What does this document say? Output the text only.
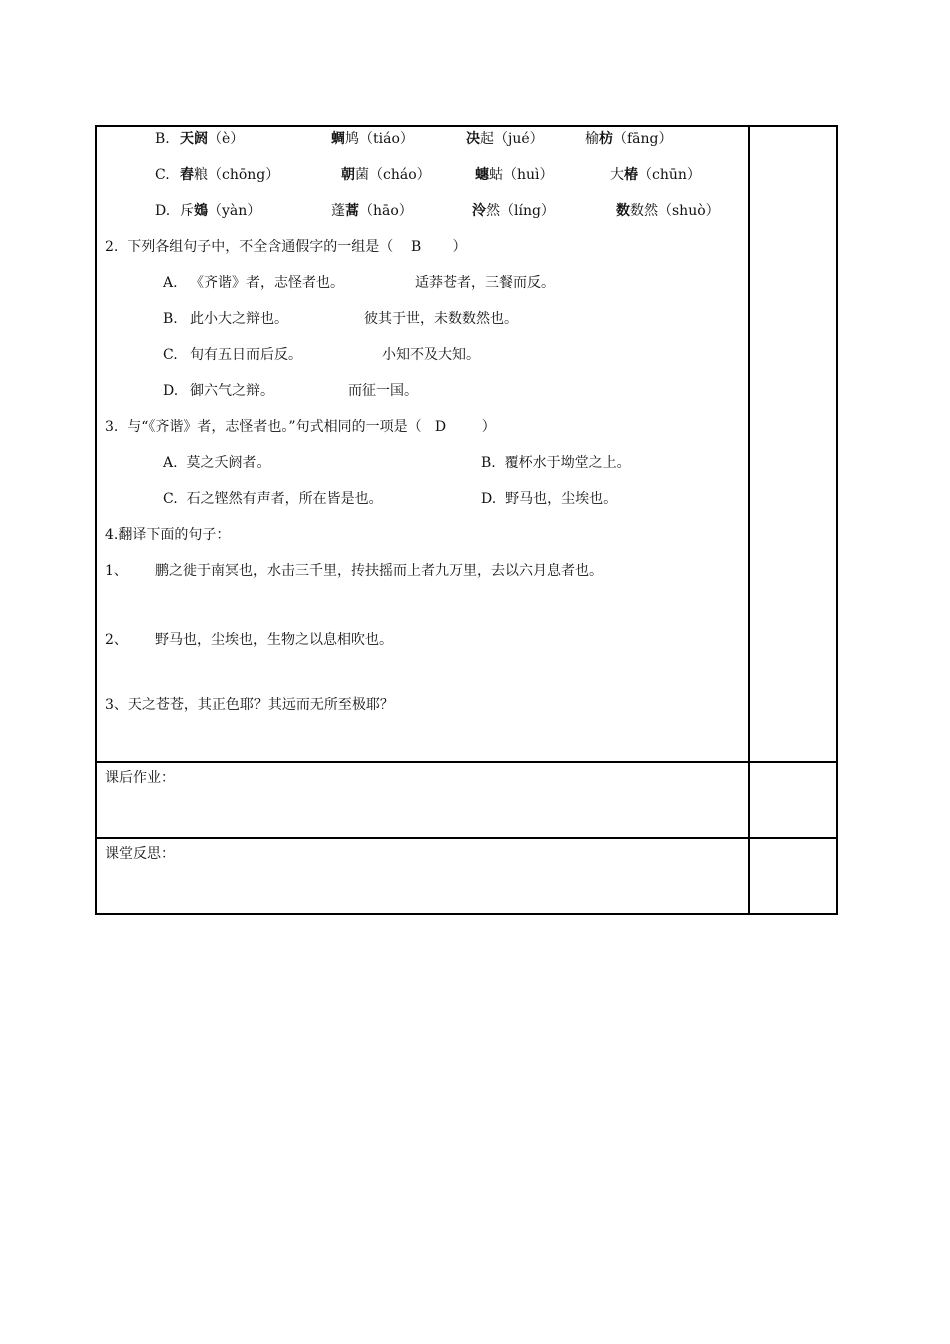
B. 天阏（è）	蜩鸠（tiáo）	决起（jué）	榆枋（fāng）
C. 舂粮（chōng）	朝菌（cháo）	蟪蛄（huì）	大椿（chūn）
D. 斥鴳（yàn）	蓬蒿（hāo）	泠然（líng）	数数然（shuò）
2.  下列各组句子中，不全含通假字的一组是（    B       ）
A. 《齐谐》者，志怪者也。	适莽苍者，三餐而反。
B. 此小大之辩也。	彼其于世，未数数然也。
C. 旬有五日而后反。	小知不及大知。
D. 御六气之辩。	而征一国。
3.  与“《齐谐》者，志怪者也。”句式相同的一项是（   D        ）
A.  莫之夭阏者。	B.  覆杯水于坳堂之上。
C.  石之铿然有声者，所在皆是也。	D.  野马也，尘埃也。
4.翻译下面的句子：
1、 鹏之徙于南冥也，水击三千里，抟扶摇而上者九万里，去以六月息者也。
2、 野马也，尘埃也，生物之以息相吹也。
3、天之苍苍，其正色耶？其远而无所至极耶？
课后作业：
课堂反思：
